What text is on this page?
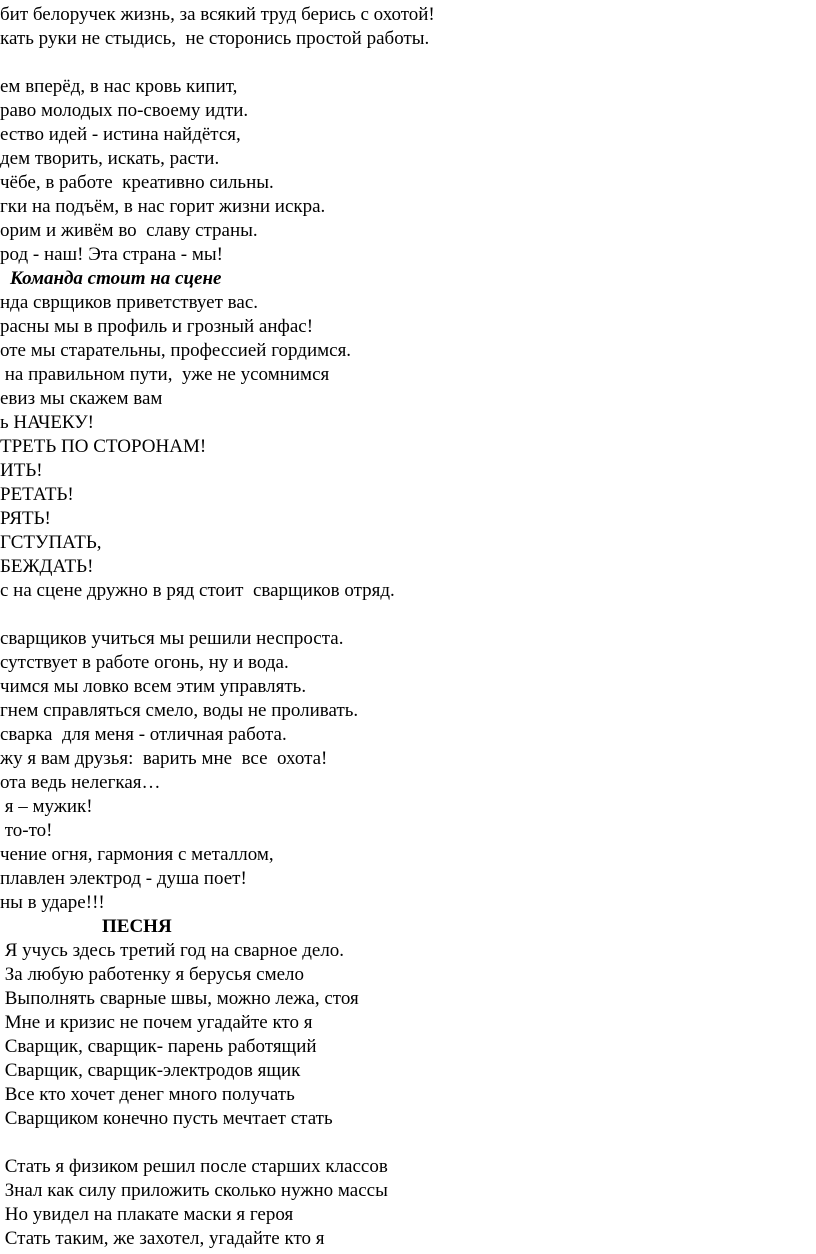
бит белоручек жизнь, за всякий труд берись с охотой!
кать руки не стыдись,  не сторонись простой работы.
ем вперёд, в нас кровь кипит,
раво молодых по-своему идти.
ество идей - истина найдётся,
дем творить, искать, расти.
чёбе, в работе  креативно сильны.
гки на подъём, в нас горит жизни искра.
орим и живём во  славу страны.
род - наш! Эта страна - мы!
Команда стоит на сцене
нда сврщиков приветствует вас.
расны мы в профиль и грозный анфас!
оте мы старательны, профессией гордимся.
на правильном пути,  уже не усомнимся
евиз мы скажем вам
ь НАЧЕКУ!
ТРЕТЬ ПО СТОРОНАМ!
ИТЬ!
РЕТАТЬ!
РЯТЬ!
ГСТУПАТЬ,
БЕЖДАТЬ!
с на сцене дружно в ряд стоит  сварщиков отряд.
сварщиков учиться мы решили неспроста.
сутствует в работе огонь, ну и вода.
чимся мы ловко всем этим управлять.
гнем справляться смело, воды не проливать.
сварка  для меня - отличная работа.
жу я вам друзья:  варить мне  все  охота!
ота ведь нелегкая…
я – мужик!
то-то!
чение огня, гармония с металлом,
плавлен электрод - душа поет!
ны в ударе!!!
ПЕСНЯ
Я учусь здесь третий год на сварное дело.
За любую работенку я берусья смело
Выполнять сварные швы, можно лежа, стоя
Мне и кризис не почем угадайте кто я
Сварщик, сварщик- парень работящий
Сварщик, сварщик-электродов ящик
Все кто хочет денег много получать
Сварщиком конечно пусть мечтает стать
Стать я физиком решил после старших классов
Знал как силу приложить сколько нужно массы
Но увидел на плакате маски я героя
Стать таким, же захотел, угадайте кто я
